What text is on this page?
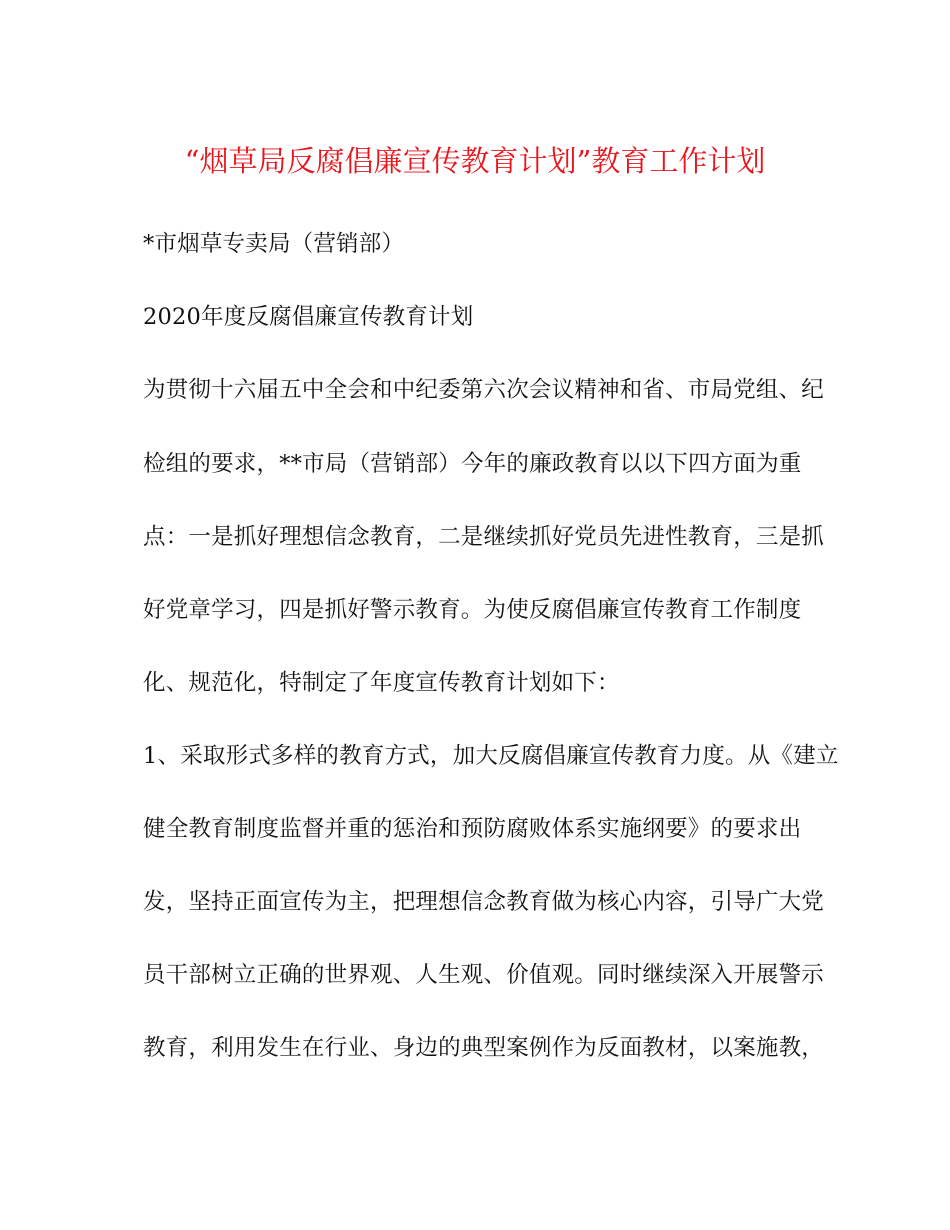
“烟草局反腐倡廉宣传教育计划”教育工作计划
*市烟草专卖局（营销部）
2020年度反腐倡廉宣传教育计划
为贯彻十六届五中全会和中纪委第六次会议精神和省、市局党组、纪
检组的要求，**市局（营销部）今年的廉政教育以以下四方面为重
点：一是抓好理想信念教育，二是继续抓好党员先进性教育，三是抓
好党章学习，四是抓好警示教育。为使反腐倡廉宣传教育工作制度
化、规范化，特制定了年度宣传教育计划如下：
1、采取形式多样的教育方式，加大反腐倡廉宣传教育力度。从《建立
健全教育制度监督并重的惩治和预防腐败体系实施纲要》的要求出
发，坚持正面宣传为主，把理想信念教育做为核心内容，引导广大党
员干部树立正确的世界观、人生观、价值观。同时继续深入开展警示
教育，利用发生在行业、身边的典型案例作为反面教材，以案施教，
